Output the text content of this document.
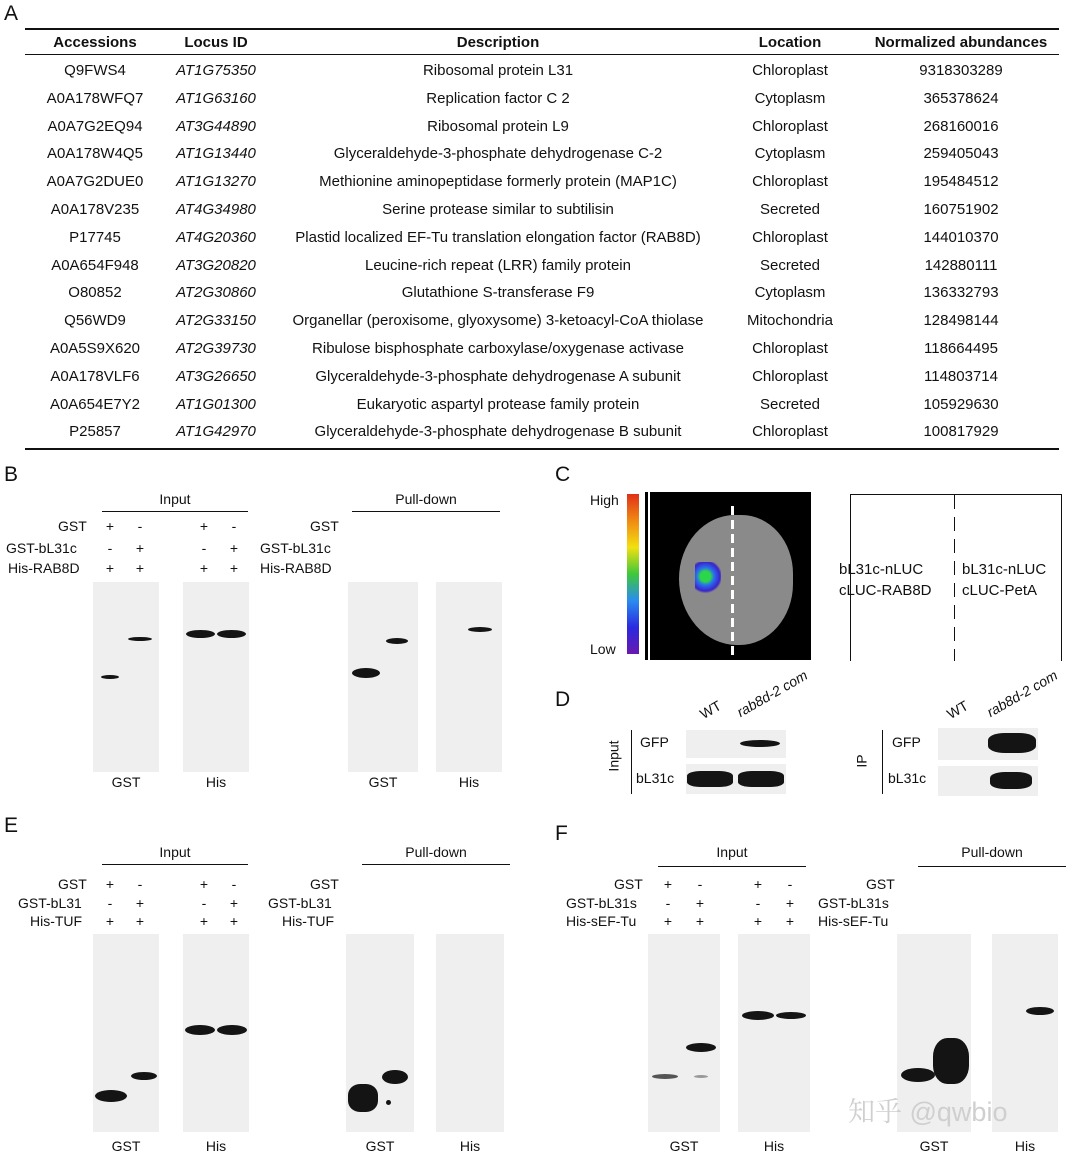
A
Accessions	Locus ID	Description	Location	Normalized abundances
Q9FWS4	AT1G75350	Ribosomal protein L31	Chloroplast	9318303289
A0A178WFQ7	AT1G63160	Replication factor C 2	Cytoplasm	365378624
A0A7G2EQ94	AT3G44890	Ribosomal protein L9	Chloroplast	268160016
A0A178W4Q5	AT1G13440	Glyceraldehyde-3-phosphate dehydrogenase C-2	Cytoplasm	259405043
A0A7G2DUE0	AT1G13270	Methionine aminopeptidase formerly protein (MAP1C)	Chloroplast	195484512
A0A178V235	AT4G34980	Serine protease similar to subtilisin	Secreted	160751902
P17745	AT4G20360	Plastid localized EF-Tu translation elongation factor (RAB8D)	Chloroplast	144010370
A0A654F948	AT3G20820	Leucine-rich repeat (LRR) family protein	Secreted	142880111
O80852	AT2G30860	Glutathione S-transferase F9	Cytoplasm	136332793
Q56WD9	AT2G33150	Organellar (peroxisome, glyoxysome) 3-ketoacyl-CoA thiolase	Mitochondria	128498144
A0A5S9X620	AT2G39730	Ribulose bisphosphate carboxylase/oxygenase activase	Chloroplast	118664495
A0A178VLF6	AT3G26650	Glyceraldehyde-3-phosphate dehydrogenase A subunit	Chloroplast	114803714
A0A654E7Y2	AT1G01300	Eukaryotic aspartyl protease family protein	Secreted	105929630
P25857	AT1G42970	Glyceraldehyde-3-phosphate dehydrogenase B subunit	Chloroplast	100817929
B
Input	Pull-down
GST
GST-bL31c
His-RAB8D
GST
GST-bL31c
His-RAB8D
+	-	+	-
-	+	-	+
+ +	+ +
GST	His	GST	His
C
High
Low
bL31c-nLUC
cLUC-RAB8D
bL31c-nLUC
cLUC-PetA
D	WT rab8d-2 com	WT rab8d-2 com
Input GFP
bL31c
IP
GFP
bL31c
E
Input	Pull-down
GST
GST-bL31
His-TUF
GST
GST-bL31
His-TUF
+	-	+	-
-	+	-	+
+ +	+ +
GST	His	GST	His
F
Input	Pull-down
GST
GST-bL31s
His-sEF-Tu
GST
GST-bL31s
His-sEF-Tu
+	-	+	-
-	+	-	+
+ +	+ +
GST	His	GST	His
知乎 @qwbio
